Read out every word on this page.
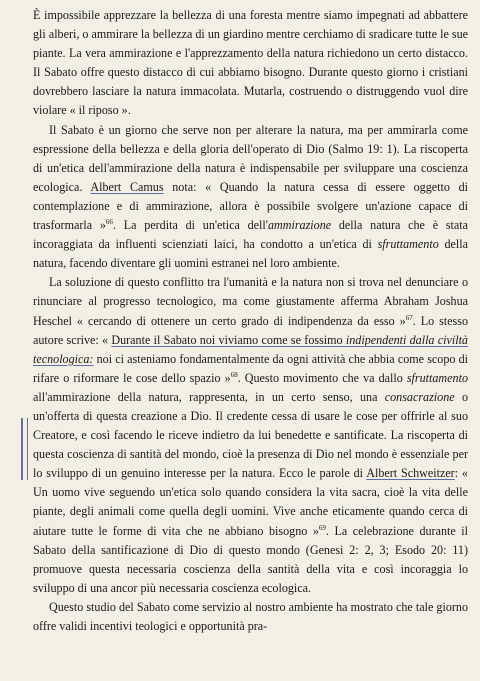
È impossibile apprezzare la bellezza di una foresta mentre siamo impegnati ad abbattere gli alberi, o ammirare la bellezza di un giardino mentre cerchiamo di sradicare tutte le sue piante. La vera ammirazione e l'apprezzamento della natura richiedono un certo distacco. Il Sabato offre questo distacco di cui abbiamo bisogno. Durante questo giorno i cristiani dovrebbero lasciare la natura immacolata. Mutarla, costruendo o distruggendo vuol dire violare « il riposo ».

Il Sabato è un giorno che serve non per alterare la natura, ma per ammirarla come espressione della bellezza e della gloria dell'operato di Dio (Salmo 19: 1). La riscoperta di un'etica dell'ammirazione della natura è indispensabile per sviluppare una coscienza ecologica. Albert Camus nota: « Quando la natura cessa di essere oggetto di contemplazione e di ammirazione, allora è possibile svolgere un'azione capace di trasformarla »$^{66}$. La perdita di un'etica dell'ammirazione della natura che è stata incoraggiata da influenti scienziati laici, ha condotto a un'etica di sfruttamento della natura, facendo diventare gli uomini estranei nel loro ambiente.

La soluzione di questo conflitto tra l'umanità e la natura non si trova nel denunciare o rinunciare al progresso tecnologico, ma come giustamente afferma Abraham Joshua Heschel « cercando di ottenere un certo grado di indipendenza da esso »$^{67}$. Lo stesso autore scrive: « Durante il Sabato noi viviamo come se fossimo indipendenti dalla civiltà tecnologica: noi ci asteniamo fondamentalmente da ogni attività che abbia come scopo di rifare o riformare le cose dello spazio »$^{68}$. Questo movimento che va dallo sfruttamento all'ammirazione della natura, rappresenta, in un certo senso, una consacrazione o un'offerta di questa creazione a Dio. Il credente cessa di usare le cose per offrirle al suo Creatore, e così facendo le riceve indietro da lui benedette e santificate. La riscoperta di questa coscienza di santità del mondo, cioè la presenza di Dio nel mondo è essenziale per lo sviluppo di un genuino interesse per la natura. Ecco le parole di Albert Schweitzer: « Un uomo vive seguendo un'etica solo quando considera la vita sacra, cioè la vita delle piante, degli animali come quella degli uomini. Vive anche eticamente quando cerca di aiutare tutte le forme di vita che ne abbiano bisogno »$^{69}$. La celebrazione durante il Sabato della santificazione di Dio di questo mondo (Genesi 2: 2, 3; Esodo 20: 11) promuove questa necessaria coscienza della santità della vita e così incoraggia lo sviluppo di una ancor più necessaria coscienza ecologica.

Questo studio del Sabato come servizio al nostro ambiente ha mostrato che tale giorno offre validi incentivi teologici e opportunità pra-
